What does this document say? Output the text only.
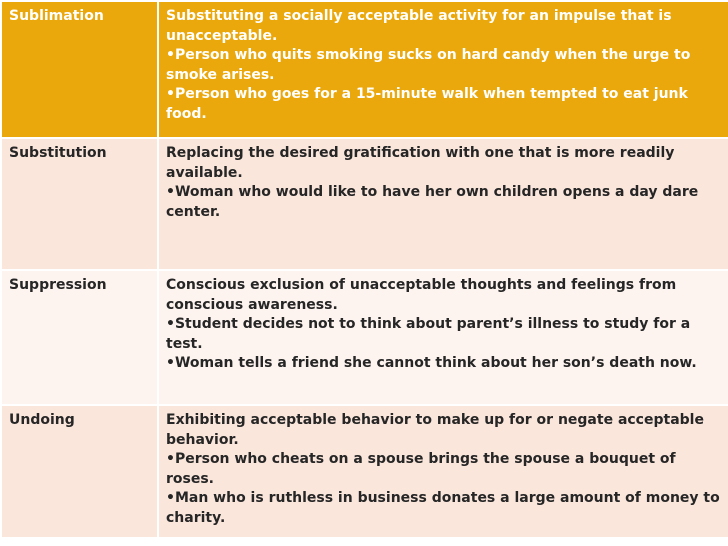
Sublimation	Substituting a socially acceptable activity for an impulse that is unacceptable.
•Person who quits smoking sucks on hard candy when the urge to smoke arises.
•Person who goes for a 15-minute walk when tempted to eat junk food.

Substitution	Replacing the desired gratification with one that is more readily available.
•Woman who would like to have her own children opens a day dare center.

Suppression	Conscious exclusion of unacceptable thoughts and feelings from conscious awareness.
•Student decides not to think about parent’s illness to study for a test.
•Woman tells a friend she cannot think about her son’s death now.

Undoing	Exhibiting acceptable behavior to make up for or negate acceptable behavior.
•Person who cheats on a spouse brings the spouse a bouquet of roses.
•Man who is ruthless in business donates a large amount of money to charity.
